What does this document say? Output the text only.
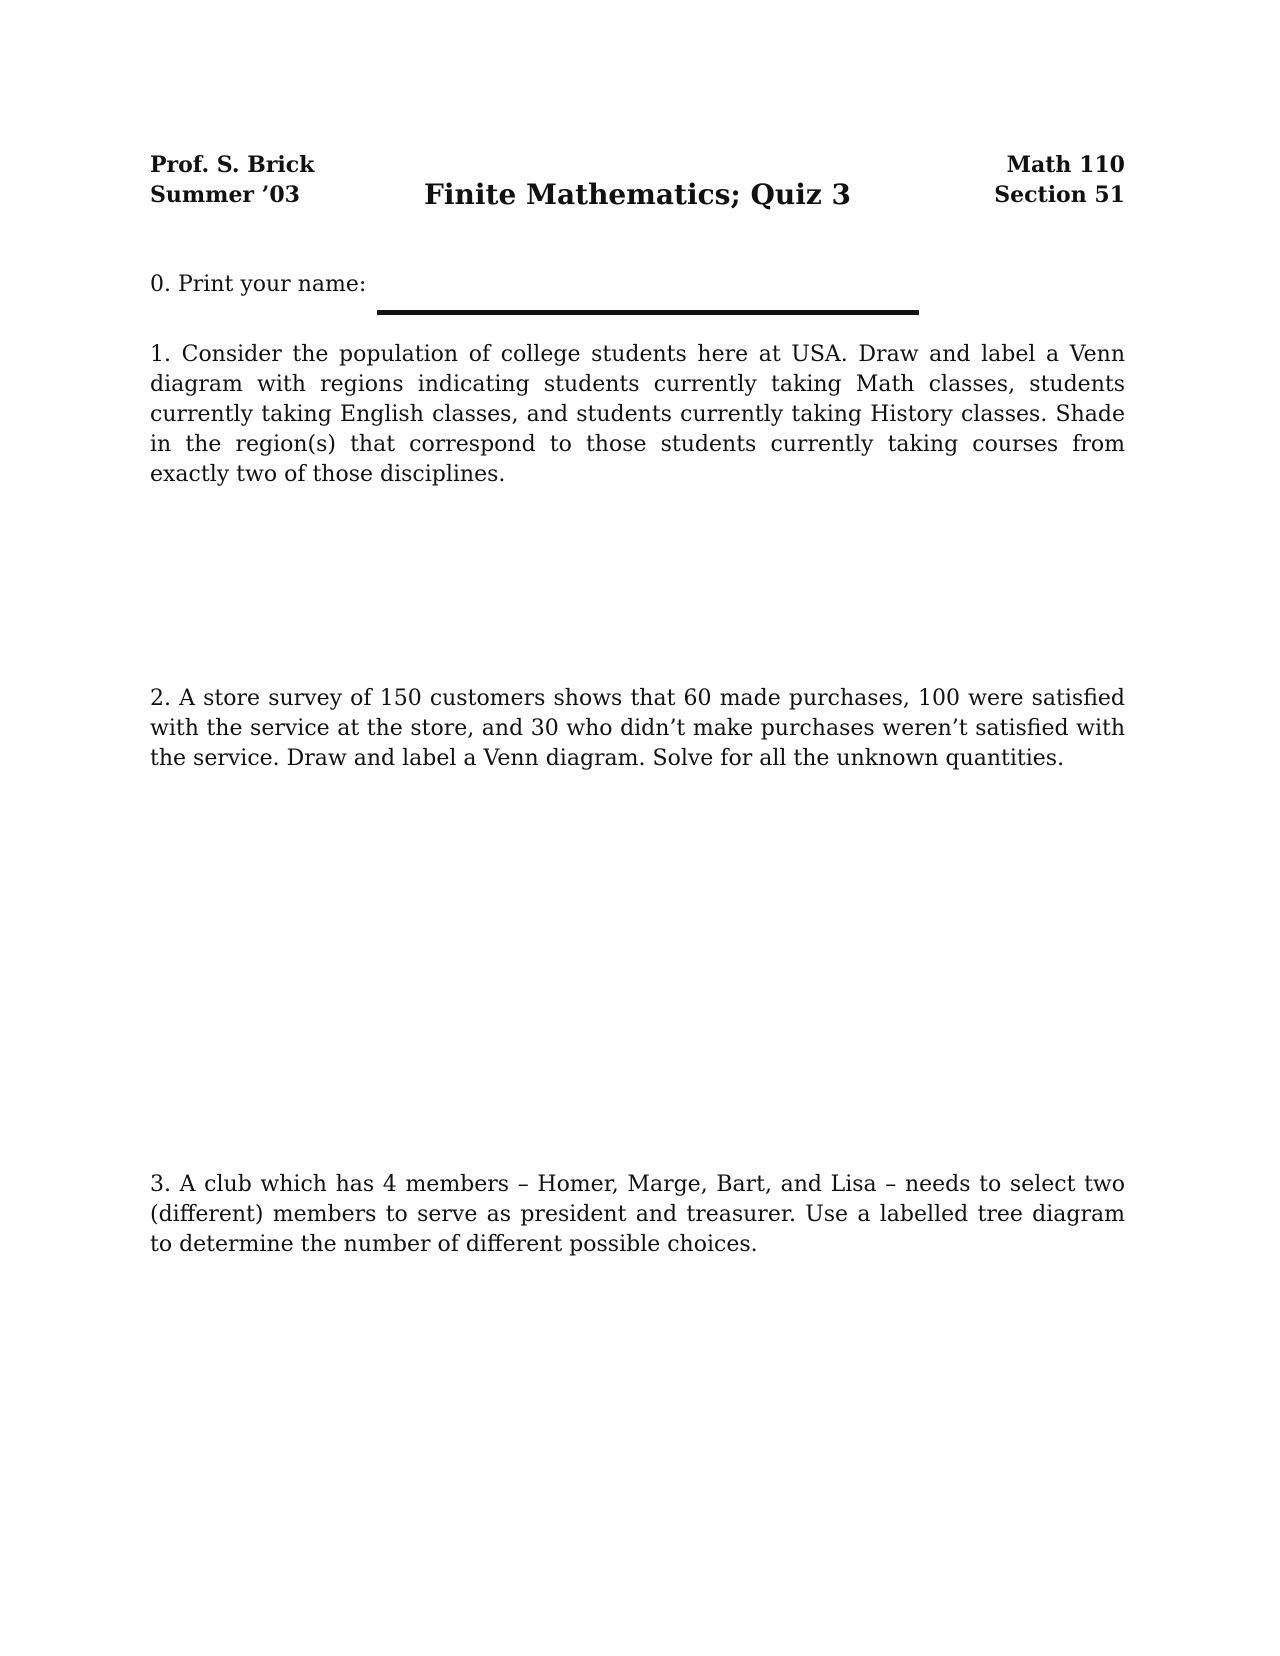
Prof. S. Brick
Summer ’03	Finite Mathematics; Quiz 3
Math 110
Section 51
0. Print your name:
1. Consider the population of college students here at USA. Draw and label a Venn diagram with regions indicating students currently taking Math classes, students currently taking English classes, and students currently taking History classes. Shade in the region(s) that correspond to those students currently taking courses from exactly two of those disciplines.
2. A store survey of 150 customers shows that 60 made purchases, 100 were satisfied with the service at the store, and 30 who didn’t make purchases weren’t satisfied with the service. Draw and label a Venn diagram. Solve for all the unknown quantities.
3. A club which has 4 members – Homer, Marge, Bart, and Lisa – needs to select two (different) members to serve as president and treasurer. Use a labelled tree diagram to determine the number of different possible choices.
